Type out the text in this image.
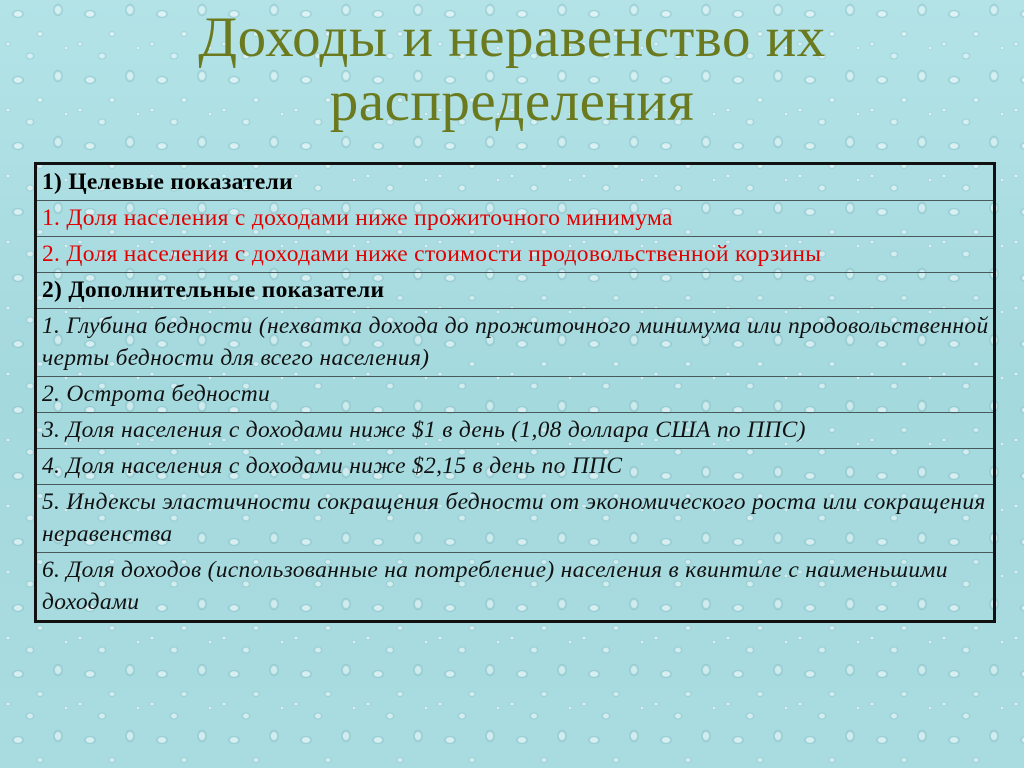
Доходы и неравенство их
распределения
1) Целевые показатели
1. Доля населения с доходами ниже прожиточного минимума
2. Доля населения с доходами ниже стоимости продовольственной корзины
2) Дополнительные показатели
1. Глубина бедности (нехватка дохода до прожиточного минимума или продовольственной черты бедности для всего населения)
2. Острота бедности
3. Доля населения с доходами ниже $1 в день (1,08 доллара США по ППС)
4. Доля населения с доходами ниже $2,15 в день по ППС
5. Индексы эластичности сокращения бедности от экономического роста или сокращения неравенства
6. Доля доходов (использованные на потребление) населения в квинтиле с наименьшими доходами
